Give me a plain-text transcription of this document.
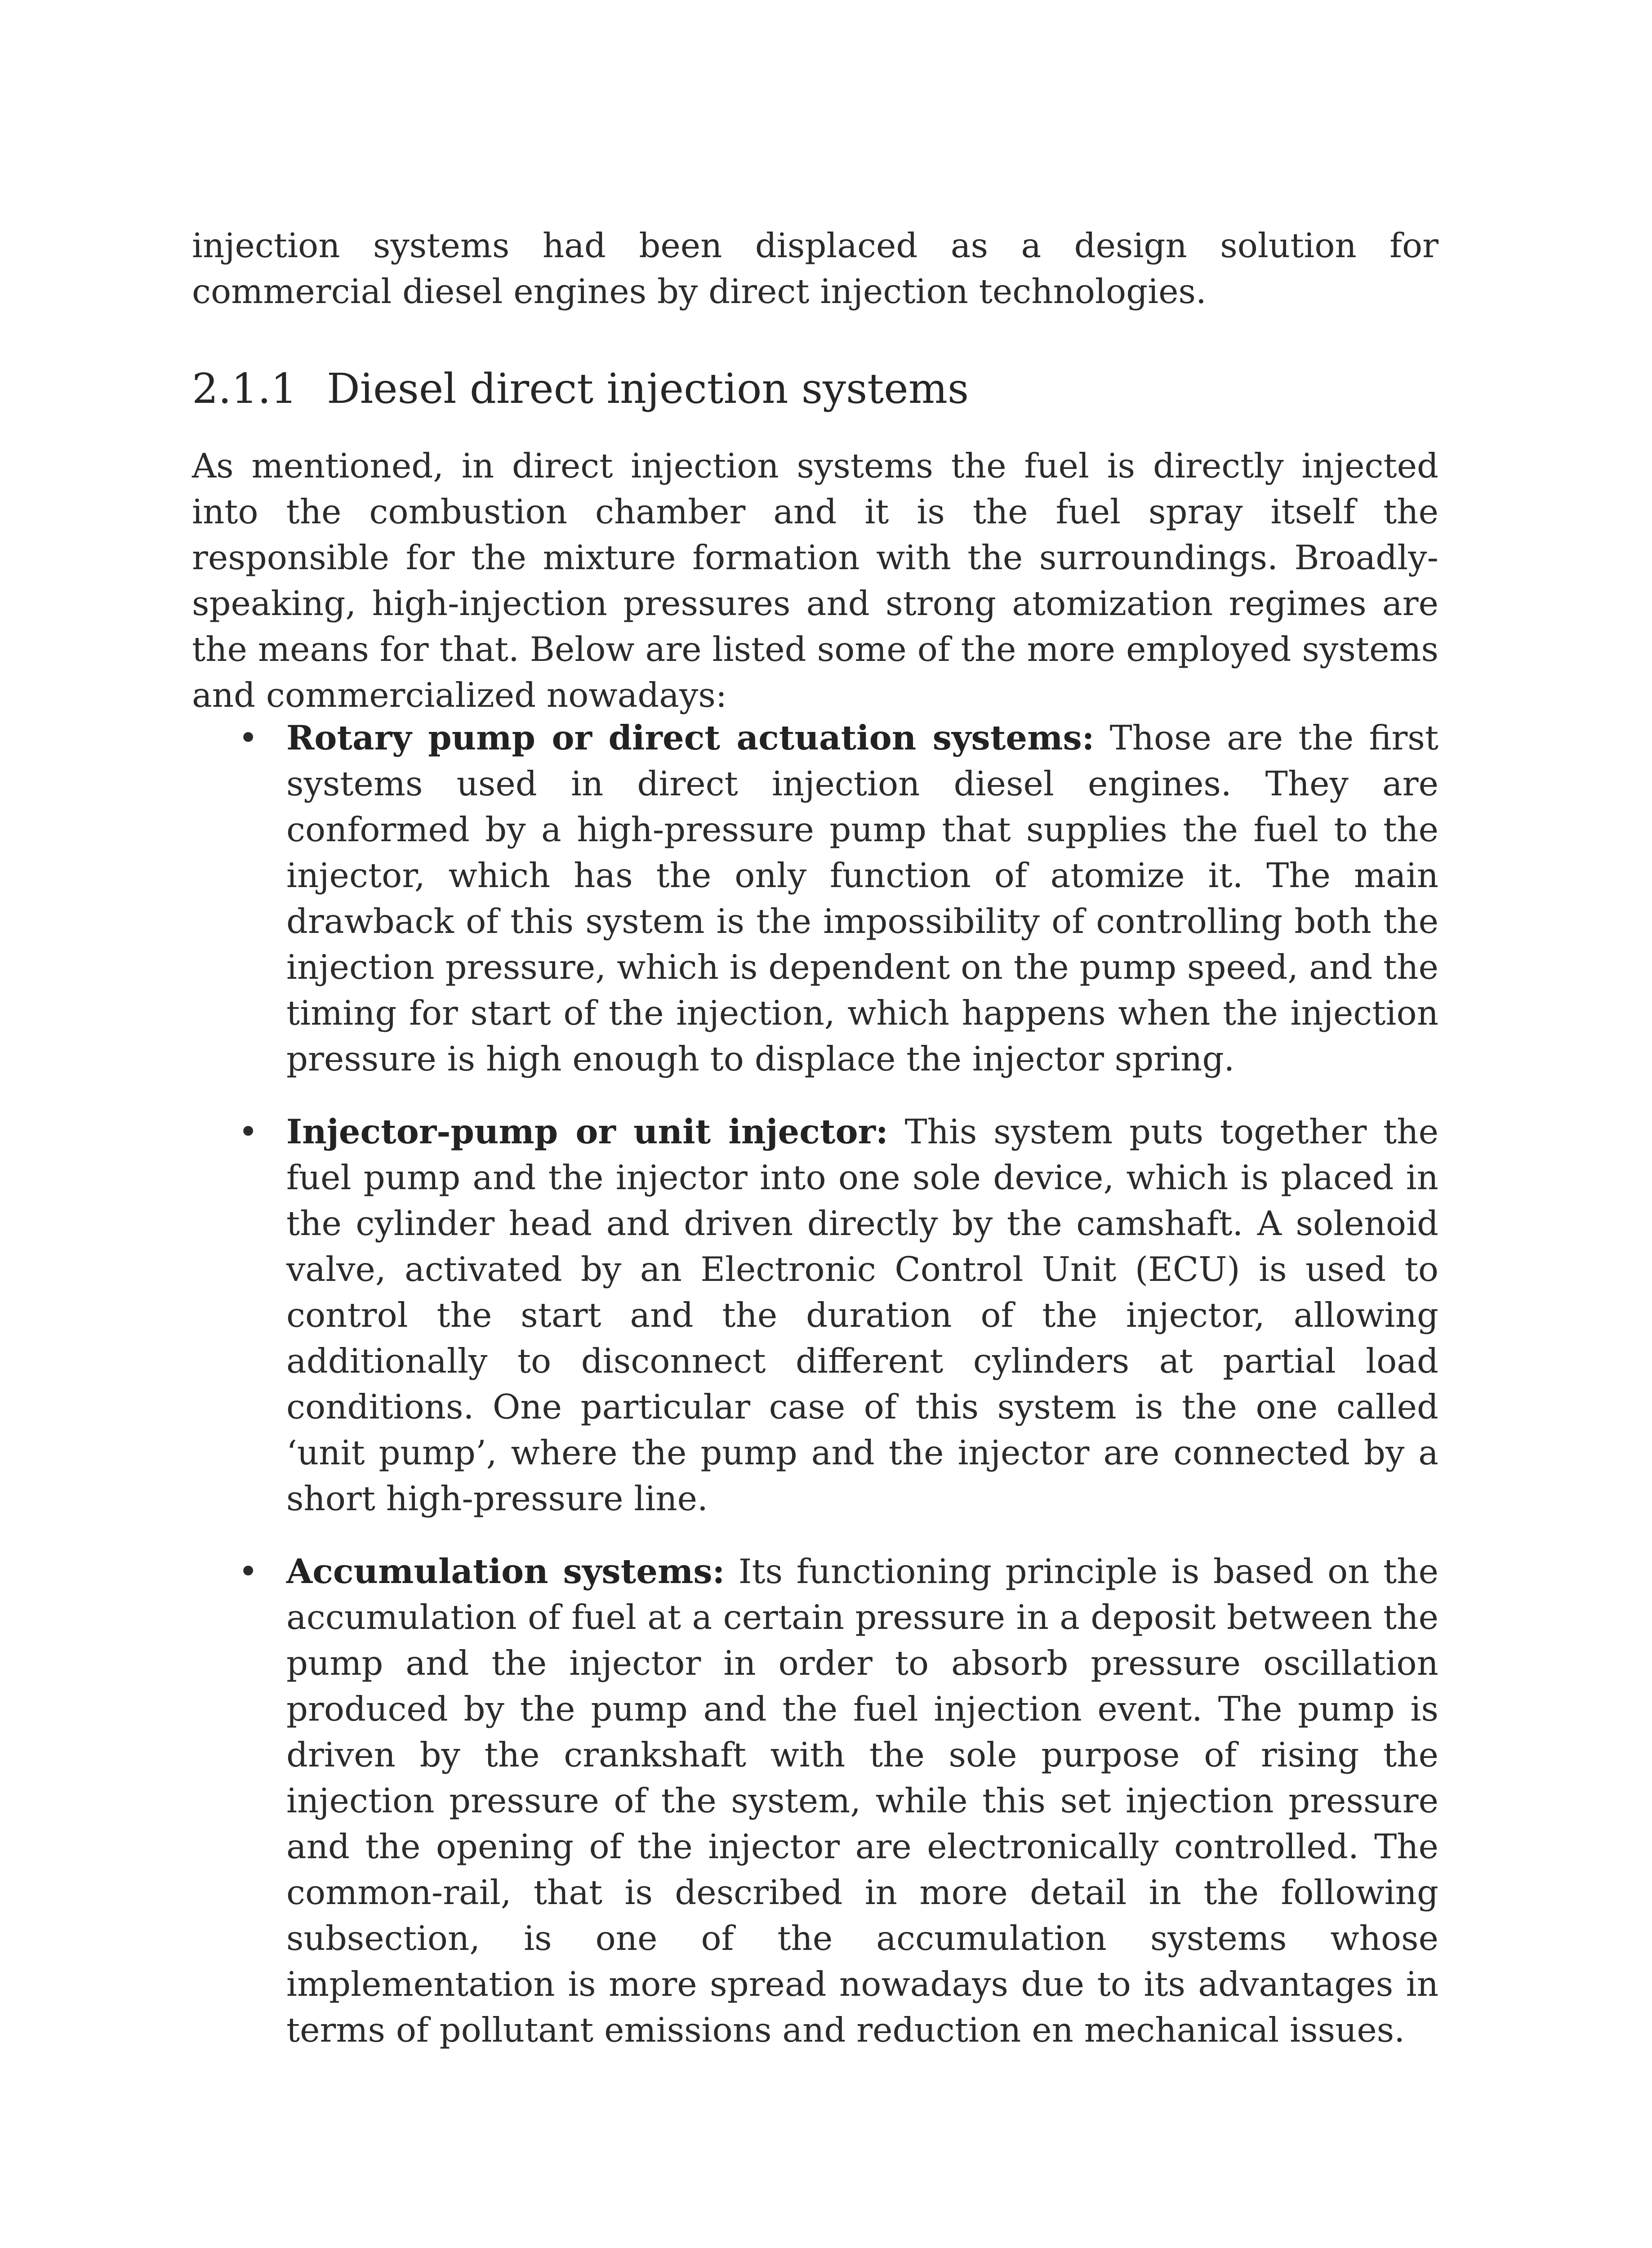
injection systems had been displaced as a design solution for commercial diesel engines by direct injection technologies.

2.1.1 Diesel direct injection systems

As mentioned, in direct injection systems the fuel is directly injected into the combustion chamber and it is the fuel spray itself the responsible for the mixture formation with the surroundings. Broadly-speaking, high-injection pressures and strong atomization regimes are the means for that. Below are listed some of the more employed systems and commercialized nowadays:

• Rotary pump or direct actuation systems: Those are the first systems used in direct injection diesel engines. They are conformed by a high-pressure pump that supplies the fuel to the injector, which has the only function of atomize it. The main drawback of this system is the impossibility of controlling both the injection pressure, which is dependent on the pump speed, and the timing for start of the injection, which happens when the injection pressure is high enough to displace the injector spring.
• Injector-pump or unit injector: This system puts together the fuel pump and the injector into one sole device, which is placed in the cylinder head and driven directly by the camshaft. A solenoid valve, activated by an Electronic Control Unit (ECU) is used to control the start and the duration of the injector, allowing additionally to disconnect different cylinders at partial load conditions. One particular case of this system is the one called ‘unit pump’, where the pump and the injector are connected by a short high-pressure line.
• Accumulation systems: Its functioning principle is based on the accumulation of fuel at a certain pressure in a deposit between the pump and the injector in order to absorb pressure oscillation produced by the pump and the fuel injection event. The pump is driven by the crankshaft with the sole purpose of rising the injection pressure of the system, while this set injection pressure and the opening of the injector are electronically controlled. The common-rail, that is described in more detail in the following subsection, is one of the accumulation systems whose implementation is more spread nowadays due to its advantages in terms of pollutant emissions and reduction en mechanical issues.
